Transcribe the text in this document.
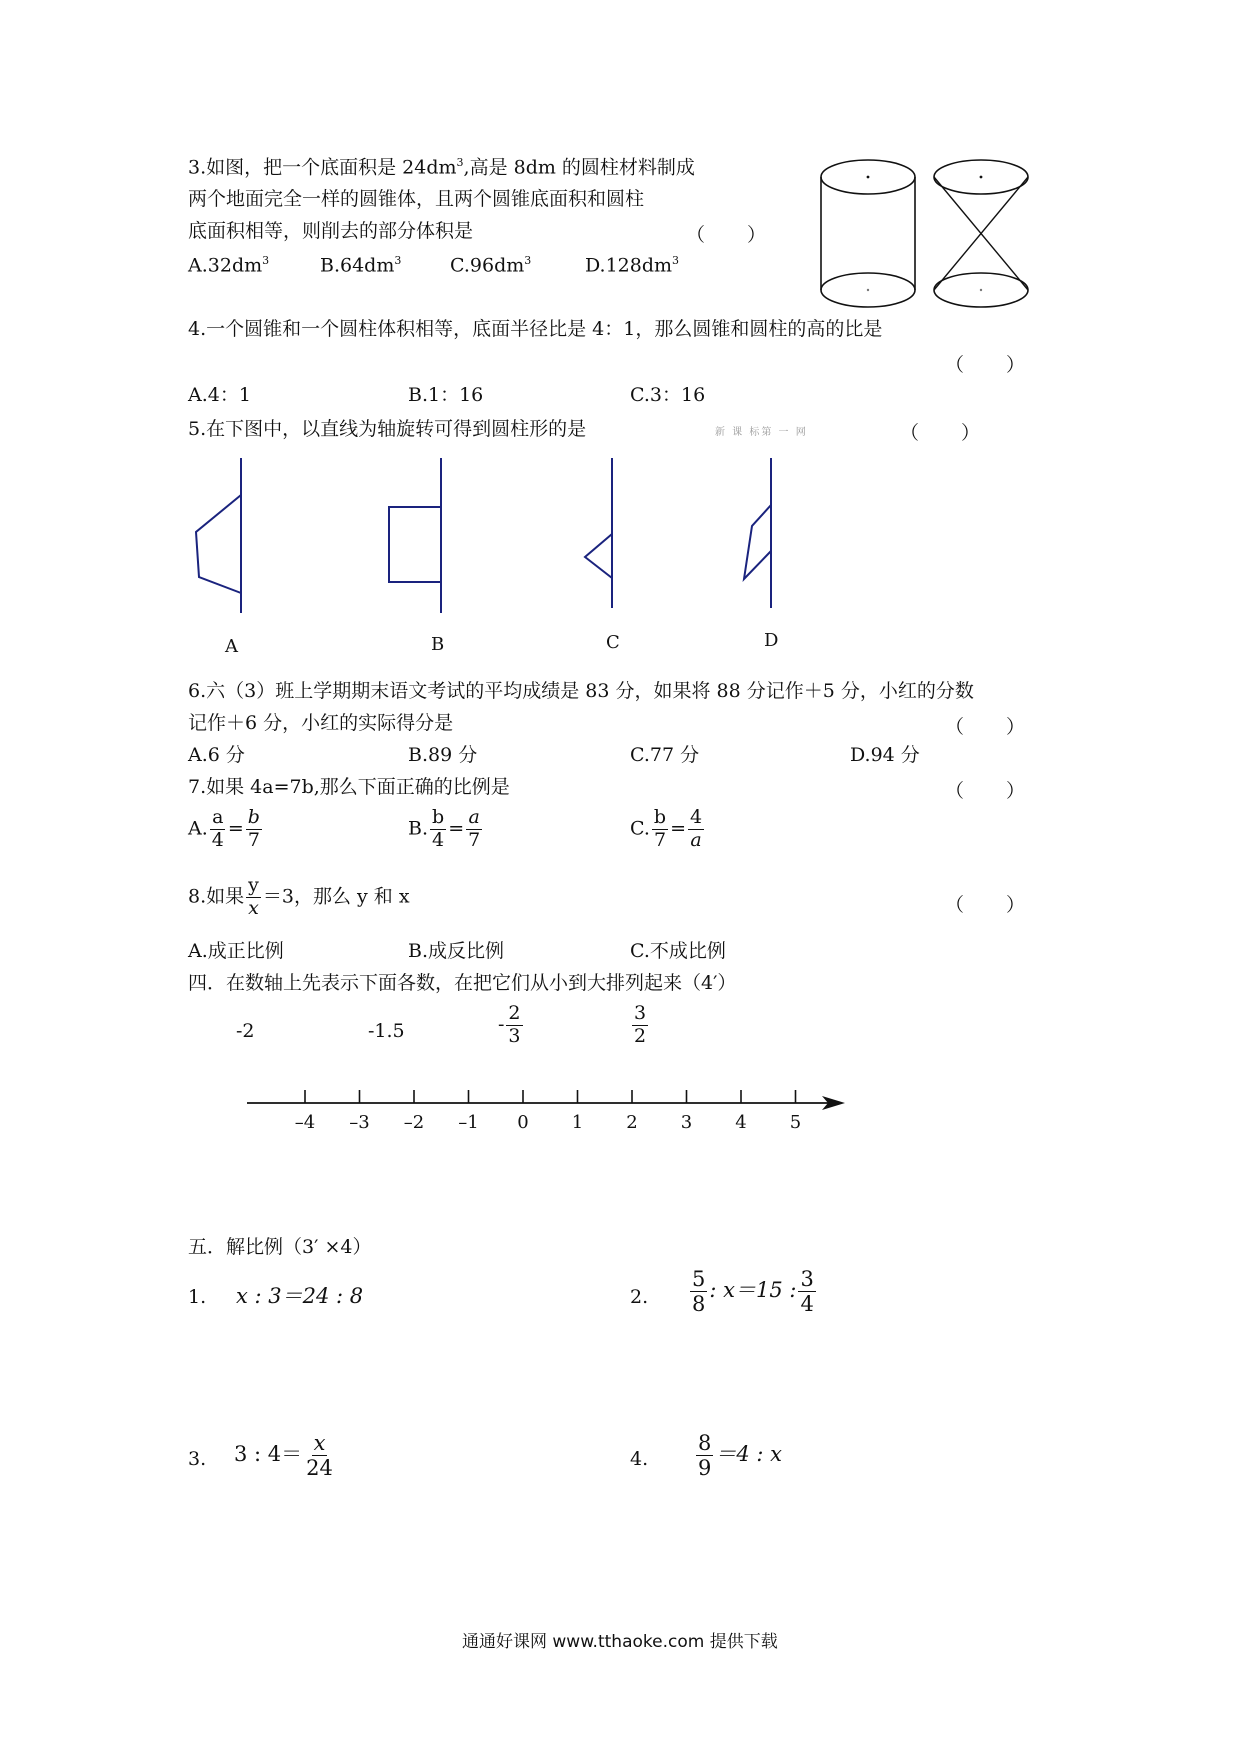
3.如图，把一个底面积是 $24dm^3$,高是 8dm 的圆柱材料制成
两个地面完全一样的圆锥体，且两个圆锥底面积和圆柱
底面积相等，则削去的部分体积是	（ ）
$A.32dm^3$	$B.64dm^3$	$C.96dm^3$	$D.128dm^3$
4.一个圆锥和一个圆柱体积相等，底面半径比是 4：1，那么圆锥和圆柱的高的比是
（ ）
A.4：1	B.1：16	C.3：16
5.在下图中，以直线为轴旋转可得到圆柱形的是	新 课 标第 一 网	（ ）
A	B	C	D
6.六（3）班上学期期末语文考试的平均成绩是 83 分，如果将 88 分记作＋5 分，小红的分数
记作＋6 分，小红的实际得分是	（ ）
A.6 分	B.89 分	C.77 分	D.94 分
7.如果 4a=7b,那么下面正确的比例是	（ ）
A. $\frac{a}{4} = \frac{b}{7}$	B. $\frac{b}{4} = \frac{a}{7}$	C. $\frac{b}{7} = \frac{4}{a}$
8.如果 $\frac{y}{x} =3$，那么 y 和 x	（ ）
A.成正比例	B.成反比例	C.不成比例
四．在数轴上先表示下面各数，在把它们从小到大排列起来（4′）
-2	-1.5	- $\frac{2}{3}$	$\frac{3}{2}$
–4 –3 –2 –1 0 1 2 3 4 5
五．解比例（3′ ×4）
1. x : 3＝24 : 8	2. $\frac{5}{8}$ : x＝15 : $\frac{3}{4}$
3. 3 : $4= \frac{x}{24}$	4. $\frac{8}{9} =4$ : x
通通好课网 www.tthaoke.com 提供下载
